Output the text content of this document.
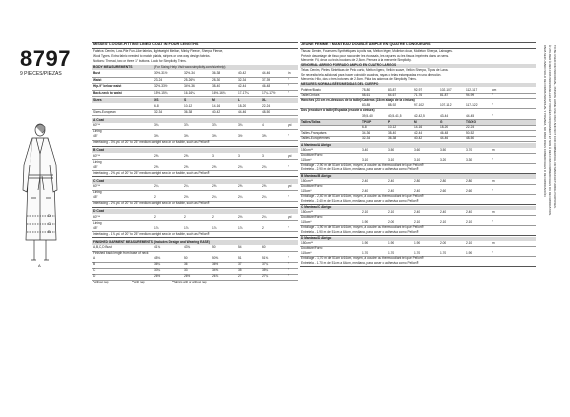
8797
9 PIECES/PIEZAS
D
C
B
A
MISSES' LOOSE-FITTING LINED COAT IN FOUR LENGTHS
Fabrics: Denim, Low-Pile Fun-Like fabrics, lightweight Melton, Minky Fleece, Sherpa Fleece,
Wool Types. Extra fabric needed to match plaids, stripes or one-way design fabrics.
Notions: Thread, two or three 1" buttons. Look for Simplicity Trims.
BODY MEASUREMENTS	(For Sizing Help Visit www.simplicity.com/sizehelp)
Bust	30½-31½	32½-34	36-38	40-42	44-46	in
Waist	23-24	25-26½	28-30	32-34	37-39	"
Hip-9" below waist	32½-33½	34½-36	38-40	42-44	46-48	"
Back-neck to waist	15½-15¾	16-16¼	16½-16¾	17-17¼	17¼-17½	"
Sizes	XS	S	M	L	XL
6-8	10-12	14-16	18-20	22-24
Sizes-European	32-34	36-38	40-42	44-46	48-50
A Coat
60"**	3¾	3⅞	3⅞	3¾	4	yd
Lining
45"	3⅜	3⅜	3⅜	3½	3⅝	"
Interfacing - 3⅛ yd. of 20" to 25" medium-weight sew-in or fusible, such as Pellon®
B Coat
60"**	2⅝	2⅝	3	3	3	yd
Lining
45"	2⅝	2⅝	2⅝	2¾	2¾	"
Interfacing - 2⅝ yd. of 20" to 25" medium-weight sew-in or fusible, such as Pellon®
C Coat
60"**	2¼	2¼	2⅝	2⅝	2⅝	yd
Lining
45"	2	2⅛	2¼	2¼	2¼	"
Interfacing - 2⅛ yd. of 20" to 25" medium-weight sew-in or fusible, such as Pellon®
D Coat
60"**	2	2	2	2⅛	2¼	yd
Lining
45"	1⅞	1⅞	1⅞	1⅞	2	"
Interfacing - 1⅞ yd. of 20" to 25" medium-weight sew-in or fusible, such as Pellon®
FINISHED GARMENT MEASUREMENTS (Includes Design and Wearing EASE)
A,B,C,D Bust	41¾	43¾	50	54	60
Finished back length from base of neck
A	45⅛	50	50⅝	51	51⅜	"
B	36¼	36	36½	37	37¼	"
C	33¼	33	34⅝	35	35¼	"
D	26½	26½	26⅞	27	27¼	"
*without nap	**with nap	**fabrics with or without nap
JEUNE FEMME : MANTEAU DOUBLÉ AMPLE EN QUATRE LONGUEURS
Tissus: Denim, Fourrures Synthétiques à poils ras, Melton léger, Molleton doux, Molleton Sherpa, Lainages.
Prévoir davantage de tissu pour raccorder les écossais, les rayures ou les tissus imprimés dans un sens.
Mercerie: Fil, deux ou trois boutons de 2,5cm. Pensez à la mercerie Simplicity.
SENOIRIAL ABRIGO FORRADO AMPLIO EN CUATRO LARGOS
Telas: Denim, Pieles Sintéticas de Pelo corto, Melton ligero, Vellón suave, Vellón Sherpa, Tipos de Lana.
Se necesita tela adicional para hacer coincidir cuadros, rayas o telas estampadas en una dirección.
Mercería: Hilo, dos o tres botones de 2.5cm. Pida los adornos de Simplicity Trims.
MESURES NORMALISÉES/MEDIDAS DEL CUERPO
Poitrine/Busto	78-80	83-87	92-97	102-107	112-117	cm
Taille/Cintura	58-61	64-67	71-76	81-87	94-99	"
Hanches (23 cm en-dessous de la taille)/Caderas (23cm abajo de la cintura)
83-85	88-92	97-102	107-112	117-122	"
Dos (encolure à taille)/Espalda (escote a cintura)
39,5-40	40,5-41,5	42-42,5	43-44	44-45	"
Tailles/Tallas	TP/XP	P	M	G	TG/XG
6-8	10-12	14-16	18-20	22-24
Tailles-Françaises	34-36	38-40	42-44	46-48	50-52
Tailles-Européennes	32-34	36-38	40-42	44-46	48-50
A Manteau/A Abrigo
150cm**	3.40	3.50	3.60	3.50	3.70	m
Doublure/Forro
115cm*	3.10	3.10	3.10	3.20	3.30	"
Entoilage - 2,90 m de 51cm à 64cm, moyen, à coudre ou thermocollant tel que Pellon®
Entretela - 2.90 m de 51cm a 64cm, mediana, para coser o adhesiva como Pellon®
B Manteau/B Abrigo
150cm**	2.40	2.40	2.80	2.80	2.80	m
Doublure/Forro
115cm*	2.40	2.40	2.40	2.60	2.60	"
Entoilage - 2,40 m de 51cm à 64cm, moyen, à coudre ou thermocollant tel que Pellon®
Entretela - 2.40 m de 51cm a 64cm, mediana, para coser o adhesiva como Pellon®
C Manteau/C Abrigo
150cm**	2.10	2.10	2.40	2.40	2.40	m
Doublure/Forro
115cm*	1.90	2.00	2.10	2.10	2.10	"
Entoilage - 1,90 m de 51cm à 64cm, moyen, à coudre ou thermocollant tel que Pellon®
Entretela - 1.90 m de 51cm a 64cm, mediana, para coser o adhesiva como Pellon®
D Manteau/D Abrigo
150cm**	1.90	1.90	1.90	2.00	2.10	m
Doublure/Forro
115cm*	1.70	1.70	1.70	1.70	1.90	"
Entoilage - 1,70 m de 51cm à 64cm, moyen, à coudre ou thermocollant tel que Pellon®
Entretela - 1.70 m de 51cm a 64cm, mediana, para coser o adhesiva como Pellon®
TO BE USED FOR INDIVIDUAL, PRIVATE HOME USE ONLY AND NOT FOR COMMERCIAL OR MANUFACTURING PURPOSES.
À UTILISER À DES FINS INDIVIDUELLES ET PRIVÉES UNIQUEMENT ET NON À DES FINS COMMERCIALES OU DE FABRICATION.
PARA SER USADO SOLO DE FORMA INDIVIDUAL Y PRIVADA, NO PARA FINES COMERCIALES O DE FABRICACIÓN.
